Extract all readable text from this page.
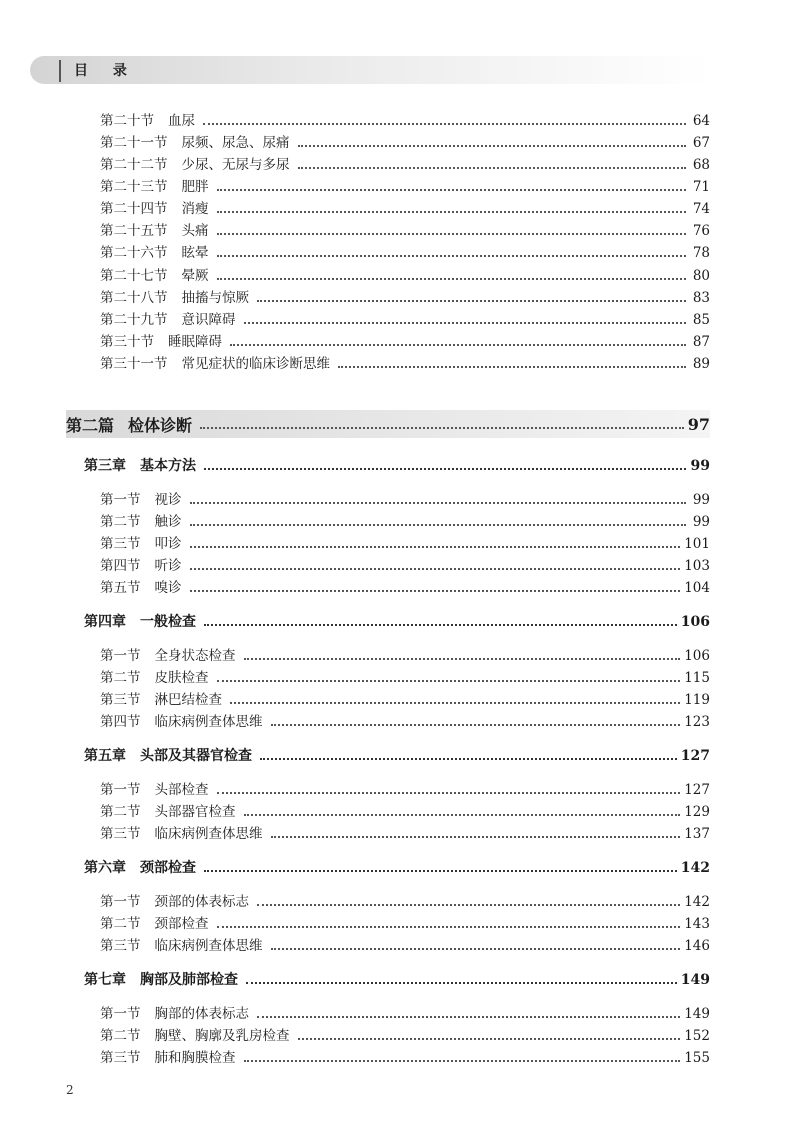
目 录
第二十节 血尿	64
第二十一节 尿频、尿急、尿痛	67
第二十二节 少尿、无尿与多尿	68
第二十三节 肥胖	71
第二十四节 消瘦	74
第二十五节 头痛	76
第二十六节 眩晕	78
第二十七节 晕厥	80
第二十八节 抽搐与惊厥	83
第二十九节 意识障碍	85
第三十节 睡眠障碍	87
第三十一节 常见症状的临床诊断思维	89
第二篇 检体诊断	97
第三章 基本方法	99
第一节 视诊	99
第二节 触诊	99
第三节 叩诊	101
第四节 听诊	103
第五节 嗅诊	104
第四章 一般检查	106
第一节 全身状态检查	106
第二节 皮肤检查	115
第三节 淋巴结检查	119
第四节 临床病例查体思维	123
第五章 头部及其器官检查	127
第一节 头部检查	127
第二节 头部器官检查	129
第三节 临床病例查体思维	137
第六章 颈部检查	142
第一节 颈部的体表标志	142
第二节 颈部检查	143
第三节 临床病例查体思维	146
第七章 胸部及肺部检查	149
第一节 胸部的体表标志	149
第二节 胸壁、胸廓及乳房检查	152
第三节 肺和胸膜检查	155
2
